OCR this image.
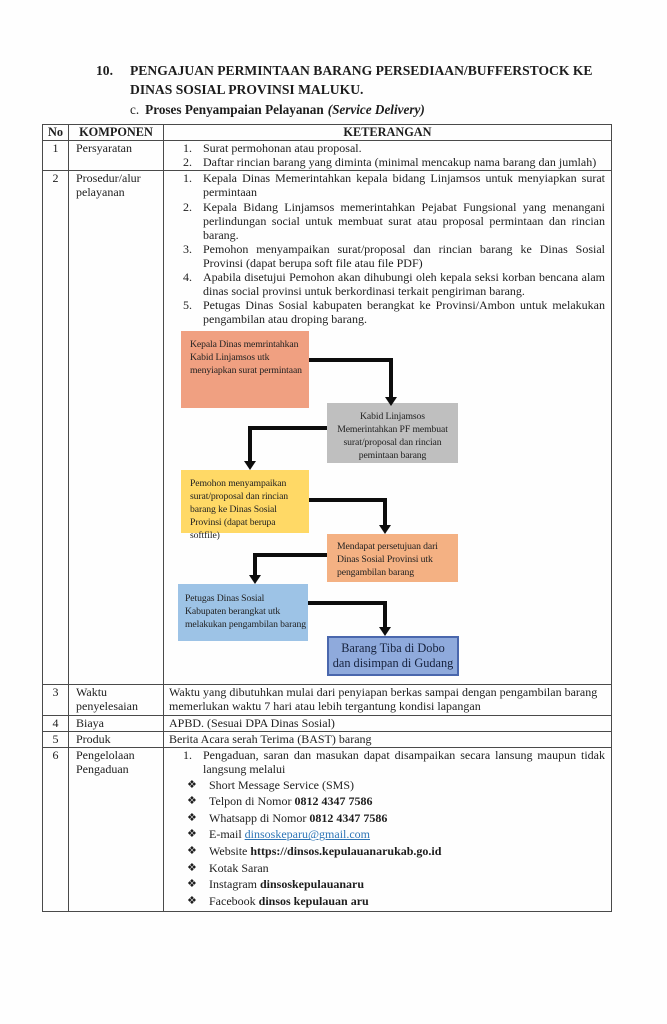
10.	PENGAJUAN PERMINTAAN BARANG PERSEDIAAN/BUFFERSTOCK KE
DINAS SOSIAL PROVINSI MALUKU.
c. Proses Penyampaian Pelayanan (Service Delivery)
No	KOMPONEN	KETERANGAN
1	Persyaratan	1. Surat permohonan atau proposal.
2. Daftar rincian barang yang diminta (minimal mencakup nama barang dan jumlah)

2	Prosedur/alur pelayanan	
1. Kepala Dinas Memerintahkan kepala bidang Linjamsos untuk menyiapkan surat permintaan
2. Kepala Bidang Linjamsos memerintahkan Pejabat Fungsional yang menangani perlindungan social untuk membuat surat atau proposal permintaan dan rincian barang.
3. Pemohon menyampaikan surat/proposal dan rincian barang ke Dinas Sosial Provinsi (dapat berupa soft file atau file PDF)
4. Apabila disetujui Pemohon akan dihubungi oleh kepala seksi korban bencana alam dinas social provinsi untuk berkordinasi terkait pengiriman barang.
5. Petugas Dinas Sosial kabupaten berangkat ke Provinsi/Ambon untuk melakukan pengambilan atau droping barang.
Kepala Dinas memrintahkan Kabid Linjamsos utk menyiapkan surat permintaan
Kabid Linjamsos Memerintahkan PF membuat surat/proposal dan rincian pemintaan barang
Pemohon menyampaikan surat/proposal dan rincian barang ke Dinas Sosial Provinsi (dapat berupa softfile)
Mendapat persetujuan dari Dinas Sosial Provinsi utk pengambilan barang
Petugas Dinas Sosial Kabupaten berangkat utk melakukan pengambilan barang
Barang Tiba di Dobo dan disimpan di Gudang

3	Waktu penyelesaian	Waktu yang dibutuhkan mulai dari penyiapan berkas sampai dengan pengambilan barang memerlukan waktu 7 hari atau lebih tergantung kondisi lapangan
4	Biaya	APBD. (Sesuai DPA Dinas Sosial)
5	Produk	Berita Acara serah Terima (BAST) barang
6	Pengelolaan Pengaduan	
1. Pengaduan, saran dan masukan dapat disampaikan secara lansung maupun tidak langsung melalui
❖	Short Message Service (SMS)
❖	Telpon di Nomor 0812 4347 7586
❖	Whatsapp di Nomor 0812 4347 7586
❖	E-mail dinsoskeparu@gmail.com
❖	Website https://dinsos.kepulauanarukab.go.id
❖	Kotak Saran
❖	Instagram dinsoskepulauanaru
❖	Facebook dinsos kepulauan aru
